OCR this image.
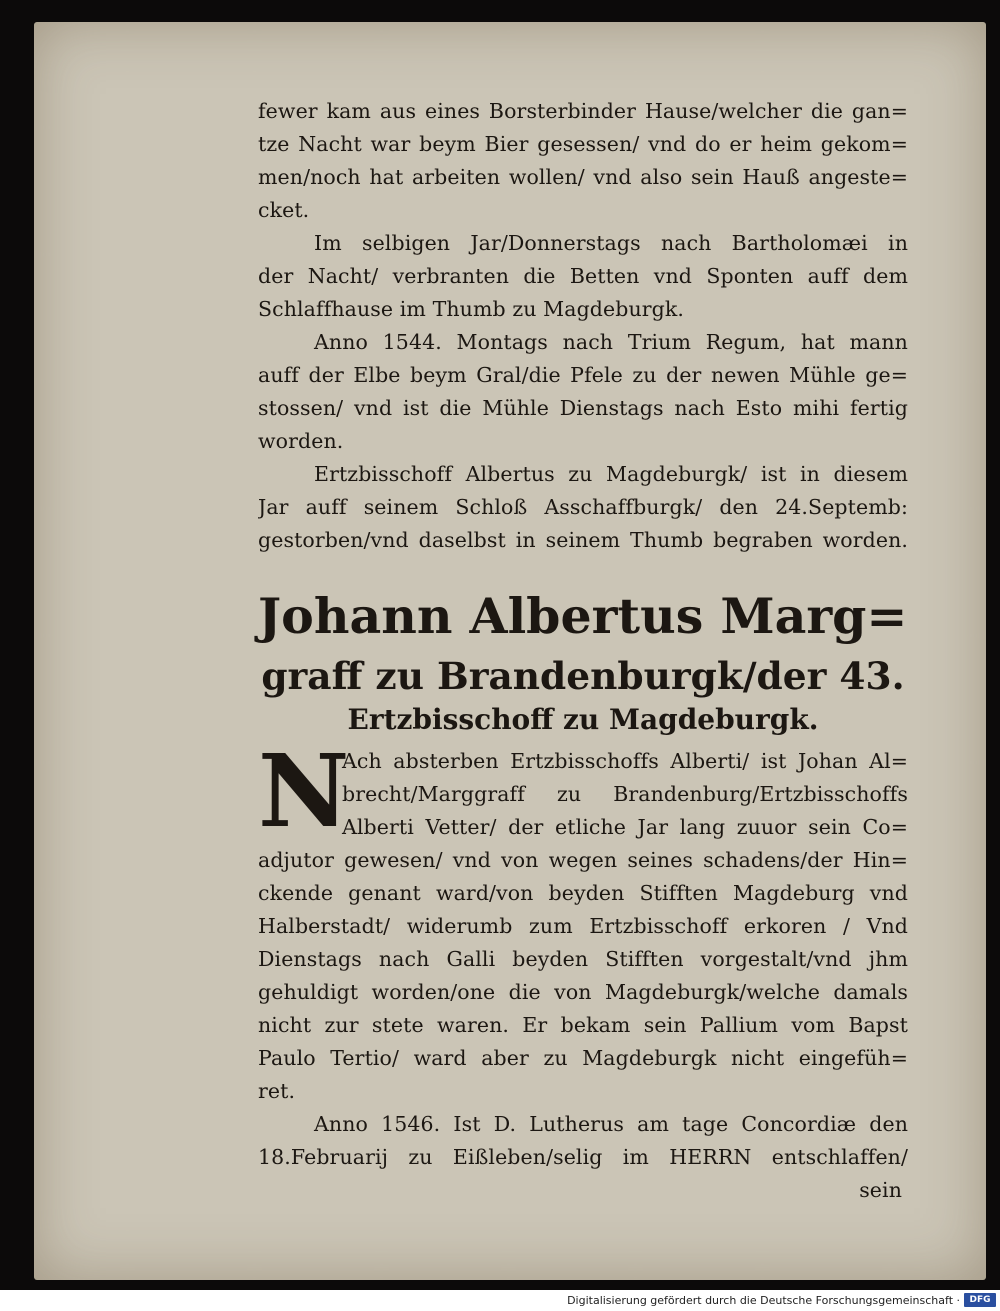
fewer kam aus eines Borsterbinder Hause/welcher die gan=
tze Nacht war beym Bier gesessen/ vnd do er heim gekom=
men/noch hat arbeiten wollen/ vnd also sein Hauß angeste=
cket.
Im selbigen Jar/Donnerstags nach Bartholomæi in
der Nacht/ verbranten die Betten vnd Sponten auff dem
Schlaffhause im Thumb zu Magdeburgk.
Anno 1544. Montags nach Trium Regum, hat mann
auff der Elbe beym Gral/die Pfele zu der newen Mühle ge=
stossen/ vnd ist die Mühle Dienstags nach Esto mihi fertig
worden.
Ertzbisschoff Albertus zu Magdeburgk/ ist in diesem
Jar auff seinem Schloß Asschaffburgk/ den 24.Septemb:
gestorben/vnd daselbst in seinem Thumb begraben worden.
Johann Albertus Marg=
graff zu Brandenburgk/der 43.
Ertzbisschoff zu Magdeburgk.
N
Ach absterben Ertzbisschoffs Alberti/ ist Johan Al=
brecht/Marggraff zu Brandenburg/Ertzbisschoffs
Alberti Vetter/ der etliche Jar lang zuuor sein Co=
adjutor gewesen/ vnd von wegen seines schadens/der Hin=
ckende genant ward/von beyden Stifften Magdeburg vnd
Halberstadt/ widerumb zum Ertzbisschoff erkoren / Vnd
Dienstags nach Galli beyden Stifften vorgestalt/vnd jhm
gehuldigt worden/one die von Magdeburgk/welche damals
nicht zur stete waren. Er bekam sein Pallium vom Bapst
Paulo Tertio/ ward aber zu Magdeburgk nicht eingefüh=
ret.
Anno 1546. Ist D. Lutherus am tage Concordiæ den
18.Februarij zu Eißleben/selig im HERRN entschlaffen/
sein
Digitalisierung gefördert durch die Deutsche Forschungsgemeinschaft ·	DFG
